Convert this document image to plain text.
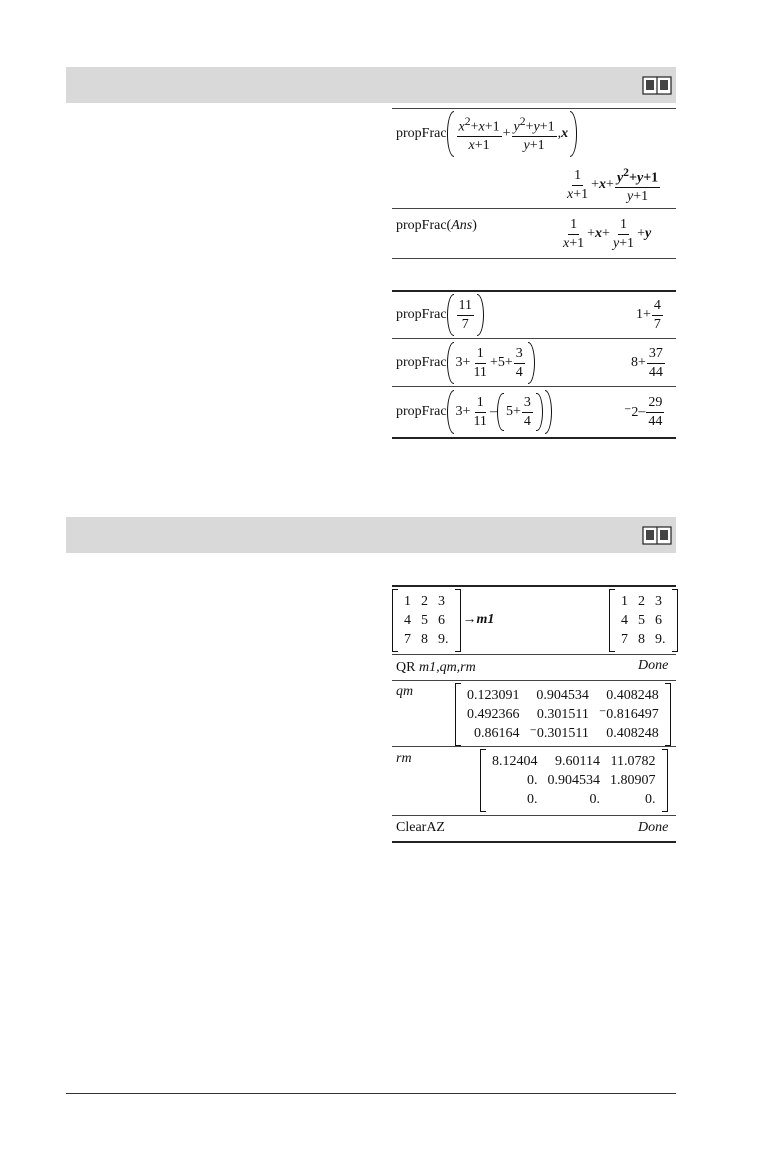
propFrac $\frac{x^2+x+1}{x+1} + \frac{y^2+y+1}{y+1} ,x$
$\frac{1}{x+1} +x+ \frac{y^2+y+1}{y+1}$
propFrac ( Ans )	$\frac{1}{x+1} +x+ \frac{1}{y+1} +y$
propFrac $\frac{11}{7}$	$1 + \frac{4}{7}$
propFrac $3+ \frac{1}{11} +5+ \frac{3}{4}$	$8 + \frac{37}{44}$
propFrac $3+ \frac{1}{11} - 5+ \frac{3}{4}$	$^-2 - \frac{29}{44}$
1 2 3
4 5 6
7 8 9.
→m1
1 2 3
4 5 6
7 8 9.
QR
m1,qm,rm	Done
qm	0.123091	0.904534	0.408248
0.492366	0.301511 ⁻0.816497
0.86164 ⁻0.301511	0.408248
rm	8.12404	9.60114 11.0782
0. 0.904534 1.80907
0.	0.	0.
ClearAZ	Done
